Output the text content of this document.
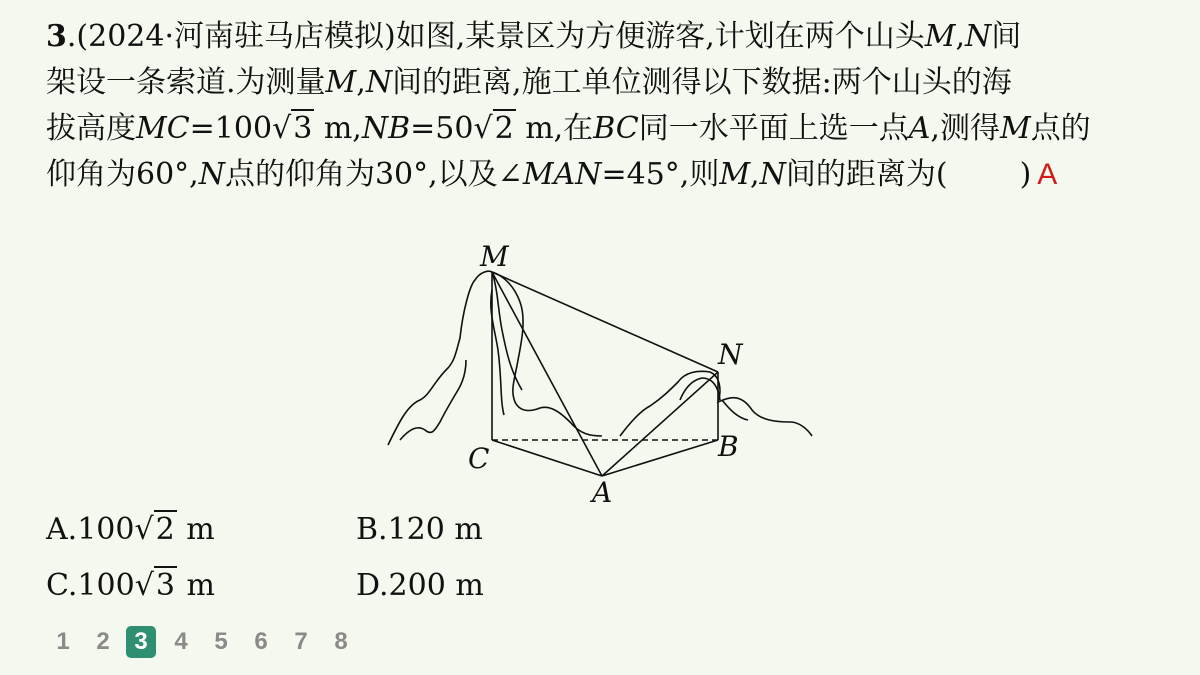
3.(2024·河南驻马店模拟)如图,某景区为方便游客,计划在两个山头M,N间
架设一条索道.为测量M,N间的距离,施工单位测得以下数据:两个山头的海
拔高度MC=100√3 m,NB=50√2 m,在BC同一水平面上选一点A,测得M点的
仰角为60°,N点的仰角为30°,以及∠MAN=45°,则M,N间的距离为( ) A
M
N
C	B
A
A.100√2 m	B.120 m
C.100√3 m	D.200 m
1	2	3	4	5	6	7	8
